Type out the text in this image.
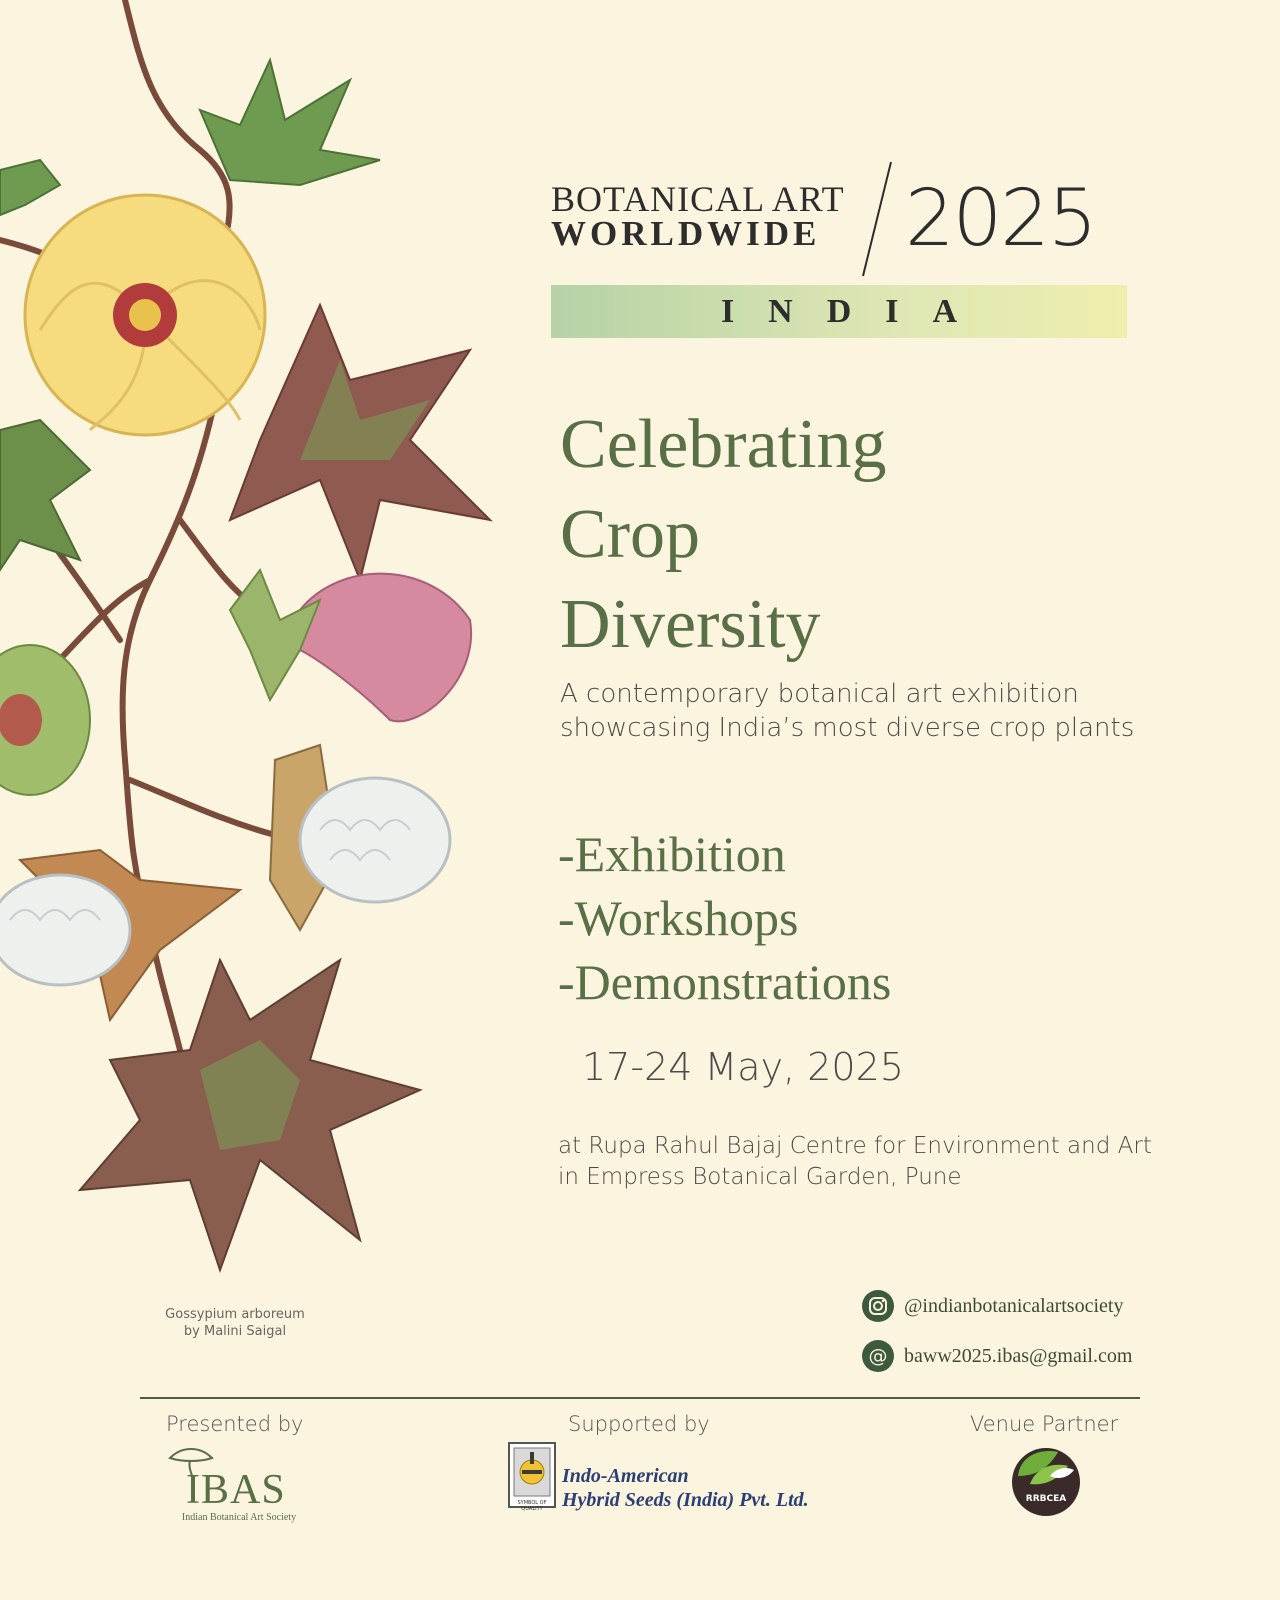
Gossypium arboreum
by Malini Saigal
BOTANICAL ART
WORLDWIDE 2025
INDIA
Celebrating
Crop
Diversity
A contemporary botanical art exhibition showcasing India’s most diverse crop plants
-Exhibition
-Workshops
-Demonstrations
17-24 May, 2025
at Rupa Rahul Bajaj Centre for Environment and Art in Empress Botanical Garden, Pune
@indianbotanicalartsociety
@ baww2025.ibas@gmail.com
Presented by	Supported by	Venue Partner
IBAS
Indian Botanical Art Society
SYMBOL OF QUALITY
Indo-American
Hybrid Seeds (India) Pvt. Ltd.	RRBCEA
